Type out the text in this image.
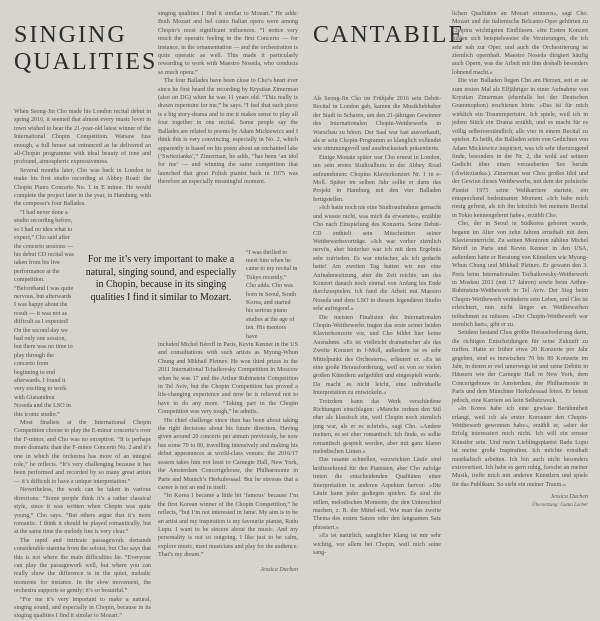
SINGING
QUALITIES

When Seong-Jin Cho made his London recital debut in spring 2016, it seemed that almost every music lover in town wished to hear the 21-year-old latest winner of the International Chopin Competition. Warsaw fuss enough, a full house sat entranced as he delivered an all-Chopin programme with ideal beauty of tone and profound, atmospheric expressiveness.

Several months later, Cho was back in London to make his first studio recording at Abbey Road: the Chopin Piano Concerto No. 1 in E minor. He would complete the project later in the year, in Hamburg, with the composer's four Ballades.

“I had never done a studio recording before, so I had no idea what to expect,” Cho said after the concerto sessions — his debut CD recital was taken from his live performance at the competition. “Beforehand I was quite nervous, but afterwards I was happy about the result — it was not as difficult as I expected! On the second day we had only one session, but there was no time to play through the concerto from beginning to end afterwards. I found it very exciting to work with Gianandrea Noseda and the LSO in this iconic studio.”

Most finalists at the International Chopin Competition choose to play the E-minor concerto’s over the F-minor, and Cho was no exception. “It is perhaps more dramatic than the F-minor Concerto No. 2 and it’s one in which the orchestra has more of an integral role,” he reflects. “It’s very challenging because it has been performed and recorded by so many great artists — it’s difficult to have a unique interpretation.”

Nevertheless, the work can be taken in various directions: “Some people think it’s a rather classical style, since it was written when Chopin was quite young,” Cho says. “But others argue that it’s more romantic. I think it should be played romantically, but at the same time the melody line is very clear.”

The rapid and intricate passagework demands considerable stamina from the soloist, but Cho says that this is not where the main difficulties lie. “Everyone can play the passagework well, but where you can really show the difference is in the quiet, melodic moments for instance. In the slow movement, the orchestra supports so gently; it’s so beautiful.”

“For me it’s very important to make a natural, singing sound, and especially in Chopin, because in its singing qualities I find it similar to Mozart.”

For me it’s very important to make a natural, singing sound, and especially in Chopin, because in its singing qualities I find it similar to Mozart.

singing qualities I find it similar to Mozart.” He adds: Both Mozart and bel canto Italian opera were among Chopin’s most significant influences. “I notice very much the operatic feeling in the first Concerto — for instance, in the ornamentation — and the orchestration is quite operatic as well. This made it particularly rewarding to work with Maestro Noseda, who conducts so much opera.”

The four Ballades have been close to Cho’s heart ever since he first heard the recording by Krystian Zimerman (also on DG) when he was 11 years old. “This really is drawn repertoire for me,” he says. “I feel that each piece is a big story-drama and to me it makes sense to play all four together in one recital. Some people say the Ballades are related to poems by Adam Mickiewicz and I think this is very convincing, especially in No. 2, which apparently is based on his poem about an enchanted lake (‘Switezianka’,” Zimerman, he adds, “has been ‘an idol for me’ — and winning the same competition that launched that great Polish pianist back in 1975 was therefore an especially meaningful moment.

“I was thrilled to meet him when he came to my recital in Tokyo recently,” Cho adds. Cho was born in Seoul, South Korea, and started his serious piano studies at the age of ten. His mentors have

included Michel Béroff in Paris, Kevin Kenner in the US and consultations with such artists as Myung-Whun Chung and Mikhail Pletnev. He won third prizes in the 2011 International Tchaikovsky Competition in Moscow when he was 17 and the Arthur Rubinstein Competition in Tel Aviv, but the Chopin Competition has proved a life-changing experience and now he is relieved not to have to do any more. “Taking part in the Chopin Competition was very tough,” he admits.

His chief challenge since then has been about taking the right decisions about his future direction. Having given around 20 concerts per annum previously, he now has some 70 to 80, travelling intensively and making his debut appearances at world-class venues: the 2016/17 season takes him not least to Carnegie Hall, New York, the Amsterdam Concertgebouw, the Philharmonie in Paris and Munich’s Herkulessaal. But he stresses that a career is not an end in itself.

“In Korea I became a little bit ‘famous’ because I’m the first Korean winner of the Chopin Competition,” he reflects, “but I’m not interested in fame. My aim is to be an artist and my inspiration is my favourite pianist, Radu Lupu. I want to be sincere about the music. And my personality is not so outgoing. I like just to be calm, explore music, meet musicians and play for the audience. That’s my dream.”

Jessica Duchen
CANTABILE

Als Seong-Jin Cho im Frühjahr 2016 sein Debüt-Recital in London gab, kamen die Musikliebhaber der Stadt in Scharen, um den 21-jährigen Gewinner des Internationalen Chopin-Wettbewerbs in Warschau zu hören. Der Saal war fast ausverkauft, als er sein Chopin-Programm so klanglich vollendet wie stimmungsvoll und ausdrucksstark präsentierte.

Einige Monate später war Cho erneut in London, um sein erstes Studioalbum in der Abbey Road aufzunehmen: Chopins Klavierkonzert Nr. 1 in e-Moll. Später im selben Jahr sollte er dann das Projekt in Hamburg mit den vier Balladen fertigstellen.

»Ich hatte noch nie eine Studioaufnahme gemacht und wusste nicht, was mich da erwartete«, erzählte Cho nach Einspielung des Konzerts. Seine Debüt-CD enthielt sein Mitschnitten seiner Wettbewerbsvorträge. »Ich war vorher ziemlich nervös, aber hinterher war ich mit dem Ergebnis sehr zufrieden. Es war einfacher, als ich gedacht hatte! Am zweiten Tag hatten wir nur eine Aufnahmesitzung, aber die Zeit reichte, um das Konzert danach noch einmal von Anfang bis Ende durchzuspielen. Ich fand die Arbeit mit Maestro Noseda und dem LSO in diesem legendären Studio sehr aufregend.«

Die meisten Finalisten des Internationalen Chopin-Wettbewerbs tragen das erste seiner beiden Klavierkonzerte vor, und Cho bildet hier keine Ausnahme. »Es ist vielleicht dramatischer als das Zweite Konzert in f-Moll, außerdem ist es sehr Mittelpunkt des Orchestern«, erläutert er. »Es ist eine große Herausforderung, weil es von so vielen großen Künstlern aufgeführt und eingespielt wurde. Da macht es nicht leicht, eine individuelle Interpretation zu entwickeln.«

Trotzdem kann das Werk verschiedene Richtungen einschlagen: »Manche ordnen den Stil eher als klassisch ein, weil Chopin noch ziemlich jung war, als er es schrieb«, sagt Cho. »Andere meinen, es sei eher romantisch. Ich finde, es sollte romantisch gespielt werden, aber mit ganz klaren melodischen Linien.«

Das rasante schnellen, verzwickten Läufe sind kräftezehrend für den Pianisten, aber Cho zufolge treten die entscheidenden Qualitäten einer Interpretation in anderen Aspekten hervor: »Die Läufe kann jeder gediegen spielen. Es sind die stillen, melodischen Momente, die den Unterschied machen, z. B. der Mittel-teil. Wie man das zweite Thema des ersten Satzes oder den langsamen Satz phrasiert.«

»Es ist natürlich, sanglicher Klang ist mir sehr wichtig, vor allem bei Chopin, weil mich seine sang-

lichen Qualitäten an Mozart erinnern«, sagt Cho. Mozart und die italienische Belcanto-Oper gehörten zu Chopins wichtigsten Einflüssen. »Im Ersten Konzert fühlen sich beispielsweise die Verzierungen, die ich sehr nah zur Oper, und auch die Orchestrierung ist ziemlich opernhaft. Maestro Noseda dirigiert häufig auch Opern, was die Arbeit mit ihm deshalb besonders lohnend macht.«

Die vier Balladen liegen Cho am Herzen, seit er sie zum ersten Mal als Elfjähriger in einer Aufnahme von Krystian Zimerman (ebenfalls bei der Deutschen Grammophon) erschienen hörte. »Das ist für mich wirklich ein Traumrepertoire. Ich spiele, weil ich in jedem Stück ein Drama erzählt, und es macht für es völlig selbstverständlich, alle vier in einem Recital zu spielen. Es heißt, die Balladen seien von Gedichten von Adam Mickiewicz inspiriert, was ich sehr überzeugend finde, besonders in der Nr. 2, die wohl auf seinem Gedicht über einen verzauberten See beruht (›Świtezianka‹). Zimerman war Chos großes Idol und der Gewinn dieses Wettbewerbs, mit dem der polnische Pianist 1975 seine Weltkarriere startete, ein entsprechend bedeutsamer Moment. »Ich habe mich riesig gefreut, als ich ihn kürzlich bei meinem Recital in Tokio kennengelernt habe«, erzählt Cho.

Cho, der in Seoul in Südkorea geboren wurde, begann im Alter von zehn Jahren ernsthaft mit dem Klavierunterricht. Zu seinen Mentoren zählten Michel Béroff in Paris und Kevin Kenner in den USA, außerdem hatte er Beratung von Künstlern wie Myung-Whun Chung und Mikhail Pletnev. Er gewann den 3. Preis beim Internationalen Tschaikowsky-Wettbewerb in Moskau 2011 (mit 17 Jahren) sowie beim Arthur-Rubinstein-Wettbewerb in Tel Aviv. Der Sieg beim Chopin-Wettbewerb veränderte sein Leben, und Cho ist erleichtert, nun nicht länger an Wettbewerben teilnehmen zu müssen. »Der Chopin-Wettbewerb war ziemlich hart«, gibt er zu.

Seitdem bestand Chos größte Herausforderung darin, die richtigen Entscheidungen für seine Zukunft zu treffen. Hatte er früher etwa 20 Konzerte pro Jahr gegeben, sind es inzwischen 70 bis 80 Konzerte im Jahr, in denen er viel unterwegs ist und seine Debüts in Häusern wie der Carnegie Hall in New York, dem Concertgebouw in Amsterdam, der Philharmonie in Paris und dem Münchner Herkulessaal feiert. Er betont jedoch, eine Karriere sei kein Selbstzweck.

»In Korea habe ich eine gewisse Berühmtheit erlangt, weil ich als erster Koreaner den Chopin-Wettbewerb gewonnen habe«, erzählt er, »aber der Erfolg interessiert mich nicht. Ich will ein ernster Künstler sein. Und mein Lieblingspianist Radu Lupu ist meine große Inspiration. Ich möchte ernsthaft musikalisch arbeiten. Ich bin auch nicht besonders extrovertiert. Ich habe es gern ruhig, forsche an meiner Musik, treffe mich mit anderen Künstlern und spiele für das Publikum. So sieht ein meiner Traum.«

Jessica Duchen
Übersetzung: Gunta Lorber
